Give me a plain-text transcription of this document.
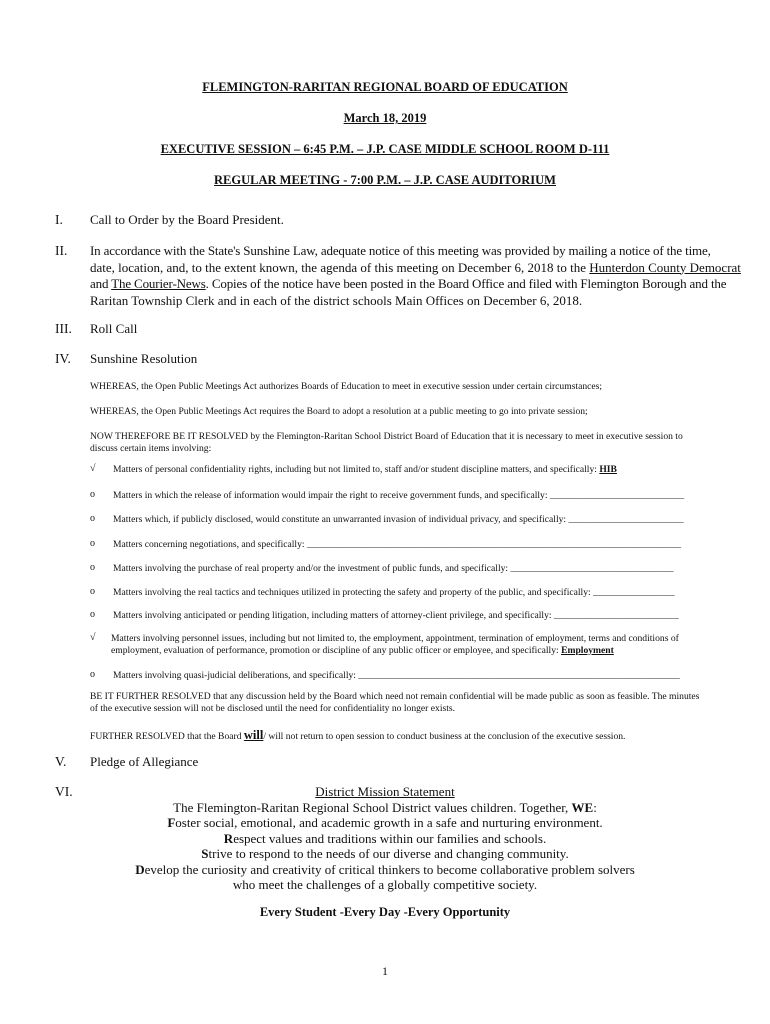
FLEMINGTON-RARITAN REGIONAL BOARD OF EDUCATION
March 18, 2019
EXECUTIVE SESSION – 6:45 P.M. – J.P. CASE MIDDLE SCHOOL ROOM D-111
REGULAR MEETING - 7:00 P.M. – J.P. CASE AUDITORIUM
I. Call to Order by the Board President.
II. In accordance with the State's Sunshine Law, adequate notice of this meeting was provided by mailing a notice of the time,
date, location, and, to the extent known, the agenda of this meeting on December 6, 2018 to the Hunterdon County Democrat
and The Courier-News. Copies of the notice have been posted in the Board Office and filed with Flemington Borough and the
Raritan Township Clerk and in each of the district schools Main Offices on December 6, 2018.
III. Roll Call
IV. Sunshine Resolution
WHEREAS, the Open Public Meetings Act authorizes Boards of Education to meet in executive session under certain circumstances;
WHEREAS, the Open Public Meetings Act requires the Board to adopt a resolution at a public meeting to go into private session;
NOW THEREFORE BE IT RESOLVED by the Flemington-Raritan School District Board of Education that it is necessary to meet in executive session to
discuss certain items involving:
√ Matters of personal confidentiality rights, including but not limited to, staff and/or student discipline matters, and specifically: HIB
o Matters in which the release of information would impair the right to receive government funds, and specifically: ____________________________
o Matters which, if publicly disclosed, would constitute an unwarranted invasion of individual privacy, and specifically: ________________________
o Matters concerning negotiations, and specifically: ______________________________________________________________________________
o Matters involving the purchase of real property and/or the investment of public funds, and specifically: __________________________________
o Matters involving the real tactics and techniques utilized in protecting the safety and property of the public, and specifically: _________________
o Matters involving anticipated or pending litigation, including matters of attorney-client privilege, and specifically: __________________________
√ Matters involving personnel issues, including but not limited to, the employment, appointment, termination of employment, terms and conditions of
employment, evaluation of performance, promotion or discipline of any public officer or employee, and specifically: Employment
o Matters involving quasi-judicial deliberations, and specifically: ___________________________________________________________________
BE IT FURTHER RESOLVED that any discussion held by the Board which need not remain confidential will be made public as soon as feasible. The minutes
of the executive session will not be disclosed until the need for confidentiality no longer exists.
FURTHER RESOLVED that the Board will/ will not return to open session to conduct business at the conclusion of the executive session.
V. Pledge of Allegiance
VI.	District Mission Statement
The Flemington-Raritan Regional School District values children. Together, WE:
Foster social, emotional, and academic growth in a safe and nurturing environment.
Respect values and traditions within our families and schools.
Strive to respond to the needs of our diverse and changing community.
Develop the curiosity and creativity of critical thinkers to become collaborative problem solvers
who meet the challenges of a globally competitive society.
Every Student -Every Day -Every Opportunity
1
